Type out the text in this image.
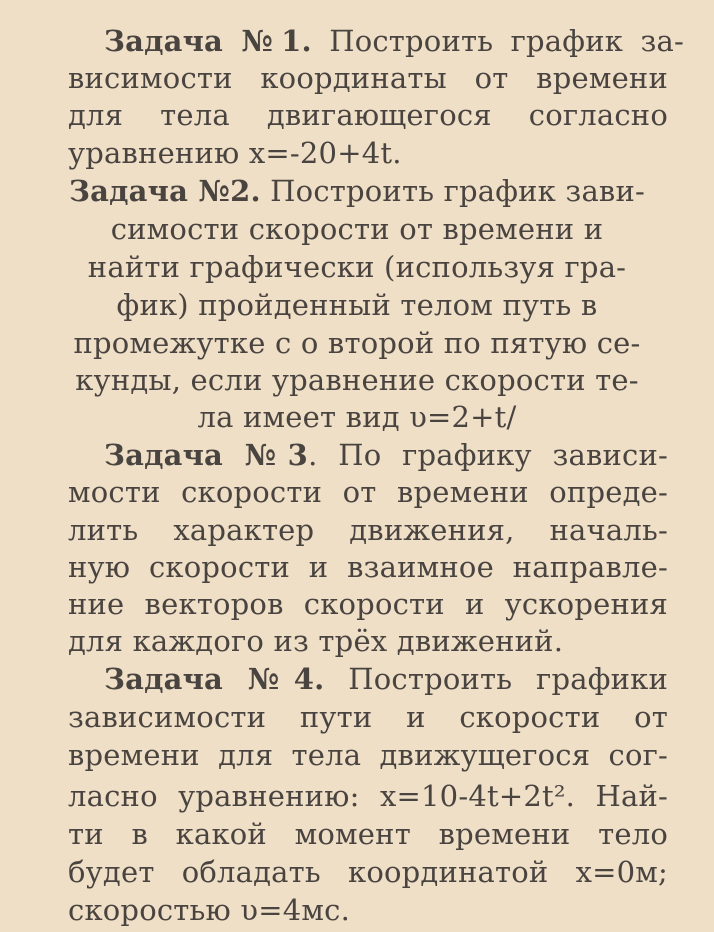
Задача №1. Построить график за-
висимости координаты от времени
для тела двигающегося согласно
уравнению x=-20+4t.
Задача №2. Построить график зави-
симости скорости от времени и
найти графически (используя гра-
фик) пройденный телом путь в
промежутке с о второй по пятую се-
кунды, если уравнение скорости те-
ла имеет вид υ=2+t/
Задача №3. По графику зависи-
мости скорости от времени опреде-
лить характер движения, началь-
ную скорости и взаимное направле-
ние векторов скорости и ускорения
для каждого из трёх движений.
Задача №4. Построить графики
зависимости пути и скорости от
времени для тела движущегося сог-
ласно уравнению: x=10-4t+2t². Най-
ти в какой момент времени тело
будет обладать координатой x=0м;
скоростью υ=4мс.
